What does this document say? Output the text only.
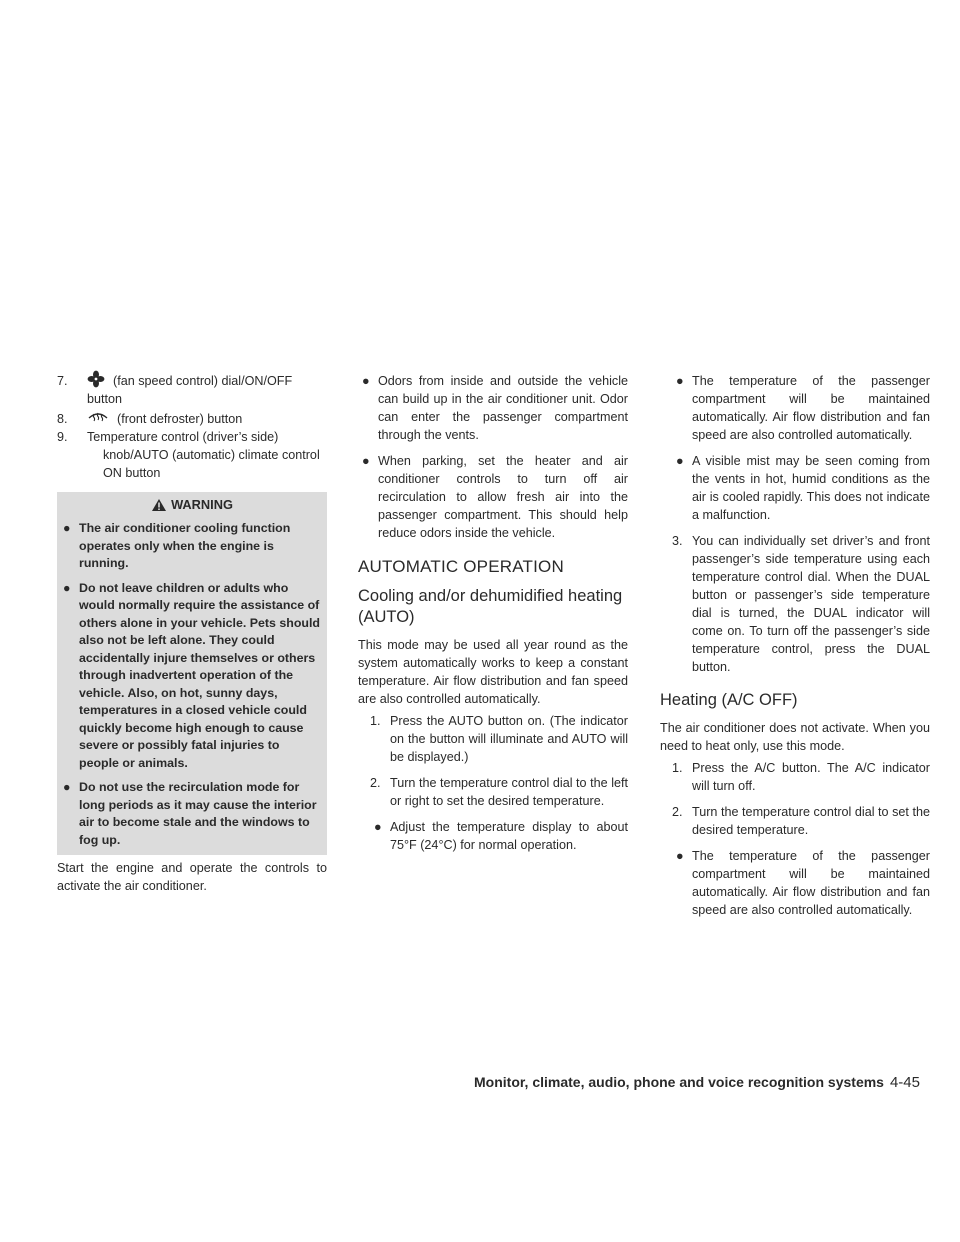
7.	(fan speed control) dial/ON/OFF
button
8.	(front defroster) button
9.	Temperature control (driver’s side)
knob/AUTO (automatic) climate control ON button
WARNING
● The air conditioner cooling function operates only when the engine is running.
● Do not leave children or adults who would normally require the assistance of others alone in your vehicle. Pets should also not be left alone. They could accidentally injure themselves or others through inadvertent operation of the vehicle. Also, on hot, sunny days, temperatures in a closed vehicle could quickly become high enough to cause severe or possibly fatal injuries to people or animals.
● Do not use the recirculation mode for long periods as it may cause the interior air to become stale and the windows to fog up.
Start the engine and operate the controls to activate the air conditioner.
● Odors from inside and outside the vehicle can build up in the air conditioner unit. Odor can enter the passenger compartment through the vents.
● When parking, set the heater and air conditioner controls to turn off air recirculation to allow fresh air into the passenger compartment. This should help reduce odors inside the vehicle.
AUTOMATIC OPERATION
Cooling and/or dehumidified heating (AUTO)
This mode may be used all year round as the system automatically works to keep a constant temperature. Air flow distribution and fan speed are also controlled automatically.
1. Press the AUTO button on. (The indicator on the button will illuminate and AUTO will be displayed.)
2. Turn the temperature control dial to the left or right to set the desired temperature.
● Adjust the temperature display to about 75°F (24°C) for normal operation.
● The temperature of the passenger compartment will be maintained automatically. Air flow distribution and fan speed are also controlled automatically.
● A visible mist may be seen coming from the vents in hot, humid conditions as the air is cooled rapidly. This does not indicate a malfunction.
3. You can individually set driver’s and front passenger’s side temperature using each temperature control dial. When the DUAL button or passenger’s side temperature dial is turned, the DUAL indicator will come on. To turn off the passenger’s side temperature control, press the DUAL button.
Heating (A/C OFF)
The air conditioner does not activate. When you need to heat only, use this mode.
1. Press the A/C button. The A/C indicator will turn off.
2. Turn the temperature control dial to set the desired temperature.
● The temperature of the passenger compartment will be maintained automatically. Air flow distribution and fan speed are also controlled automatically.
Monitor, climate, audio, phone and voice recognition systems 4-45
